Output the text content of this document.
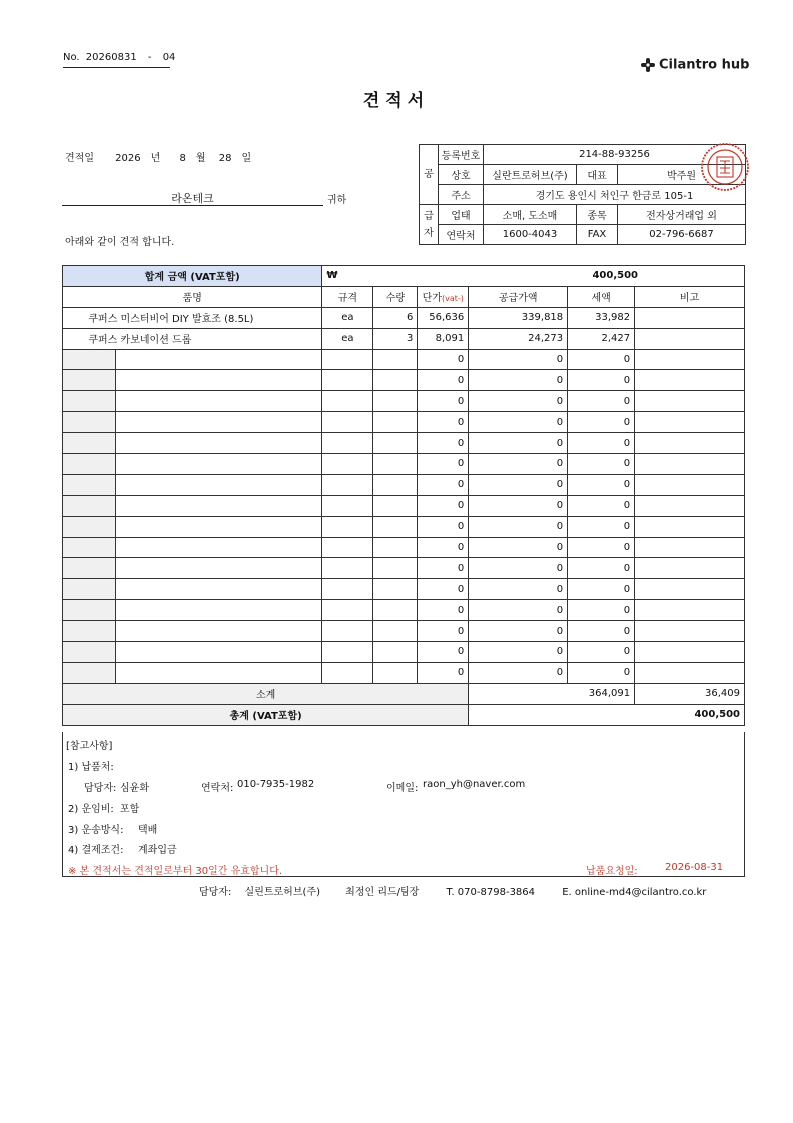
No. 20260831 - 04	Cilantro hub
견적서
견적일 2026 년 8 월 28 일
라온테크	귀하
아래와 같이 견적 합니다.
공	등록번호	214-88-93256		
	상호	실란트로허브(주)	대표	박주원
	주소	경기도 용인시 처인구 한금로 105-1		

급
자	업태	소매, 도소매	종목	전자상거래업 외
	연락처	1600-4043	FAX	02-796-6687
합계 금액 (VAT포함)	₩	400,500

품명	규격	수량	단가(vat-)	공급가액	세액	비고
	쿠퍼스 미스터비어 DIY 발효조 (8.5L)	ea	6	56,636	339,818	33,982	
	쿠퍼스 카보네이션 드롭	ea	3	8,091	24,273	2,427	
				0	0	0	
				0	0	0	
				0	0	0	
				0	0	0	
				0	0	0	
				0	0	0	
				0	0	0	
				0	0	0	
				0	0	0	
				0	0	0	
				0	0	0	
				0	0	0	
				0	0	0	
				0	0	0	
				0	0	0	
				0	0	0	
소계	364,091	36,409
총계 (VAT포함)	400,500
[참고사항]
1) 납품처:
담당자: 심윤화	연락처: 010-7935-1982	이메일: raon_yh@naver.com
2) 운임비: 포함
3) 운송방식: 택배
4) 결제조건: 계좌입금
※ 본 견적서는 견적일로부터 30일간 유효합니다.	납품요청일:	2026-08-31
담당자: 실린트로허브(주)	최정인 리드/팀장	T. 070-8798-3864	E. online-md4@cilantro.co.kr
